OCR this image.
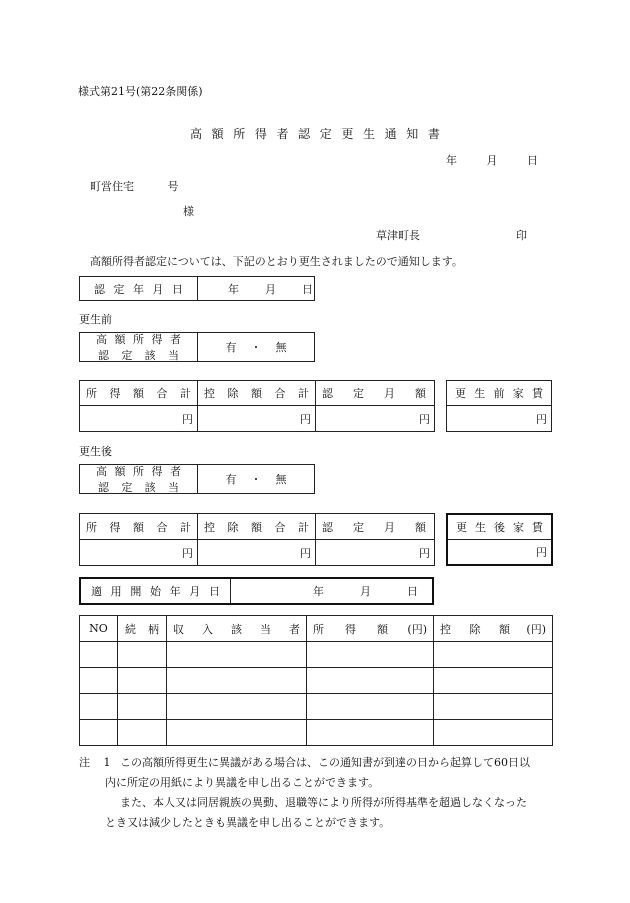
様式第21号(第22条関係)
高 額 所 得 者 認 定 更 生 通 知 書
年	月	日
町営住宅	号
様
草津町長	印
高額所得者認定については、下記のとおり更生されましたので通知します。
認 定 年 月 日	年 月 日
更生前
高 額 所 得 者
認 定 該 当
有 ・ 無
所 得 額 合 計	控 除 額 合 計	認 定 月 額

円	円	円
更 生 前 家 賃

円
更生後
高 額 所 得 者
認 定 該 当
有 ・ 無
所 得 額 合 計	控 除 額 合 計	認 定 月 額

円	円	円
更 生 後 家 賃
円
適 用 開 始 年 月 日	年	月	日
NO	続 柄	収 入 該 当 者	所 得 額 (円)	控 除 額 (円)

注 1 この高額所得更生に異議がある場合は、この通知書が到達の日から起算して60日以
内に所定の用紙により異議を申し出ることができます。
また、本人又は同居親族の異動、退職等により所得が所得基準を超過しなくなった
とき又は減少したときも異議を申し出ることができます。
